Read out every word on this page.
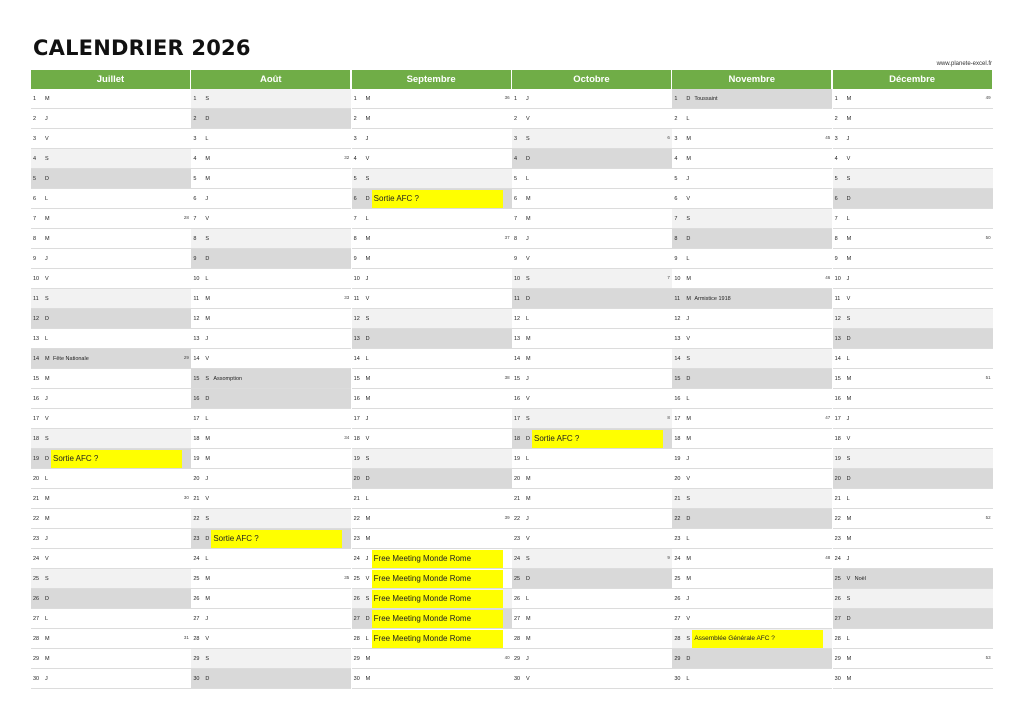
CALENDRIER 2026
www.planete-excel.fr
Juillet
1	M
2	J
3	V
4	S
5	D
6	L
7	M	28
8	M
9	J
10	V
11	S
12	D
13	L
14	M Fête Nationale	29
15	M
16	J
17	V
18	S
19	D Sortie AFC ?
20	L
21	M	30
22	M
23	J
24	V
25	S
26	D
27	L
28	M	31
29	M
30	J
Août
1	S
2	D
3	L
4	M	32
5	M
6	J
7	V
8	S
9	D
10	L
11	M	33
12	M
13	J
14	V
15	S Assomption
16	D
17	L
18	M	34
19	M
20	J
21	V
22	S
23	D Sortie AFC ?
24	L
25	M	35
26	M
27	J
28	V
29	S
30	D
Septembre
1	M	36
2	M
3	J
4	V
5	S
6	D Sortie AFC ?
7	L
8	M	37
9	M
10	J
11	V
12	S
13	D
14	L
15	M	38
16	M
17	J
18	V
19	S
20	D
21	L
22	M	39
23	M
24	J Free Meeting Monde Rome
25	V Free Meeting Monde Rome
26	S Free Meeting Monde Rome
27	D Free Meeting Monde Rome
28	L Free Meeting Monde Rome
29	M	40
30	M
Octobre
1	J
2	V
3	S	6
4	D
5	L
6	M
7	M
8	J
9	V
10	S	7
11	D
12	L
13	M
14	M
15	J
16	V
17	S	8
18	D Sortie AFC ?
19	L
20	M
21	M
22	J
23	V
24	S	9
25	D
26	L
27	M
28	M
29	J
30	V
Novembre
1	D Toussaint
2	L
3	M	45
4	M
5	J
6	V
7	S
8	D
9	L
10	M	46
11	M Armistice 1918
12	J
13	V
14	S
15	D
16	L
17	M	47
18	M
19	J
20	V
21	S
22	D
23	L
24	M	48
25	M
26	J
27	V
28	S Assemblée Générale AFC ?
29	D
30	L
Décembre
1	M	49
2	M
3	J
4	V
5	S
6	D
7	L
8	M	50
9	M
10	J
11	V
12	S
13	D
14	L
15	M	51
16	M
17	J
18	V
19	S
20	D
21	L
22	M	52
23	M
24	J
25	V Noël
26	S
27	D
28	L
29	M	53
30	M
